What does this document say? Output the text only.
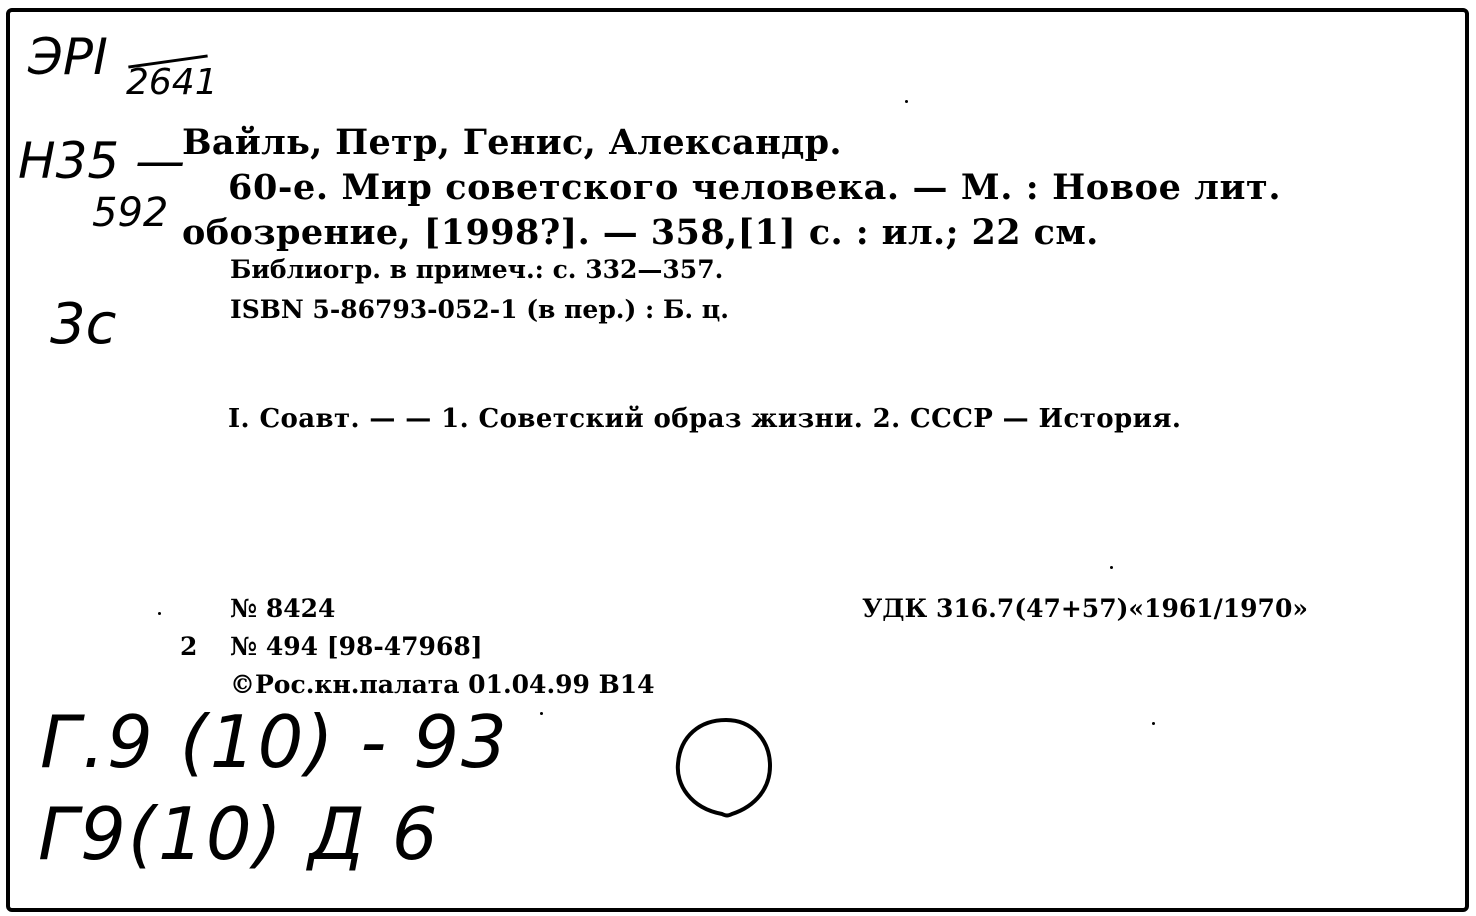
ЭРІ 2641
Н35 —
592
3с
Г.9 (10) - 93
Г9(10) Д 6
Вайль, Петр, Генис, Александр.
60-е. Мир советского человека. — М. : Новое лит.
обозрение, [1998?]. — 358,[1] с. : ил.; 22 см.
Библиогр. в примеч.: с. 332—357.
ISBN 5-86793-052-1 (в пер.) : Б. ц.
I. Соавт. — — 1. Советский образ жизни. 2. СССР — История.
№ 8424
2 № 494 [98-47968]
©Рос.кн.палата 01.04.99 В14
УДК 316.7(47+57)«1961/1970»
